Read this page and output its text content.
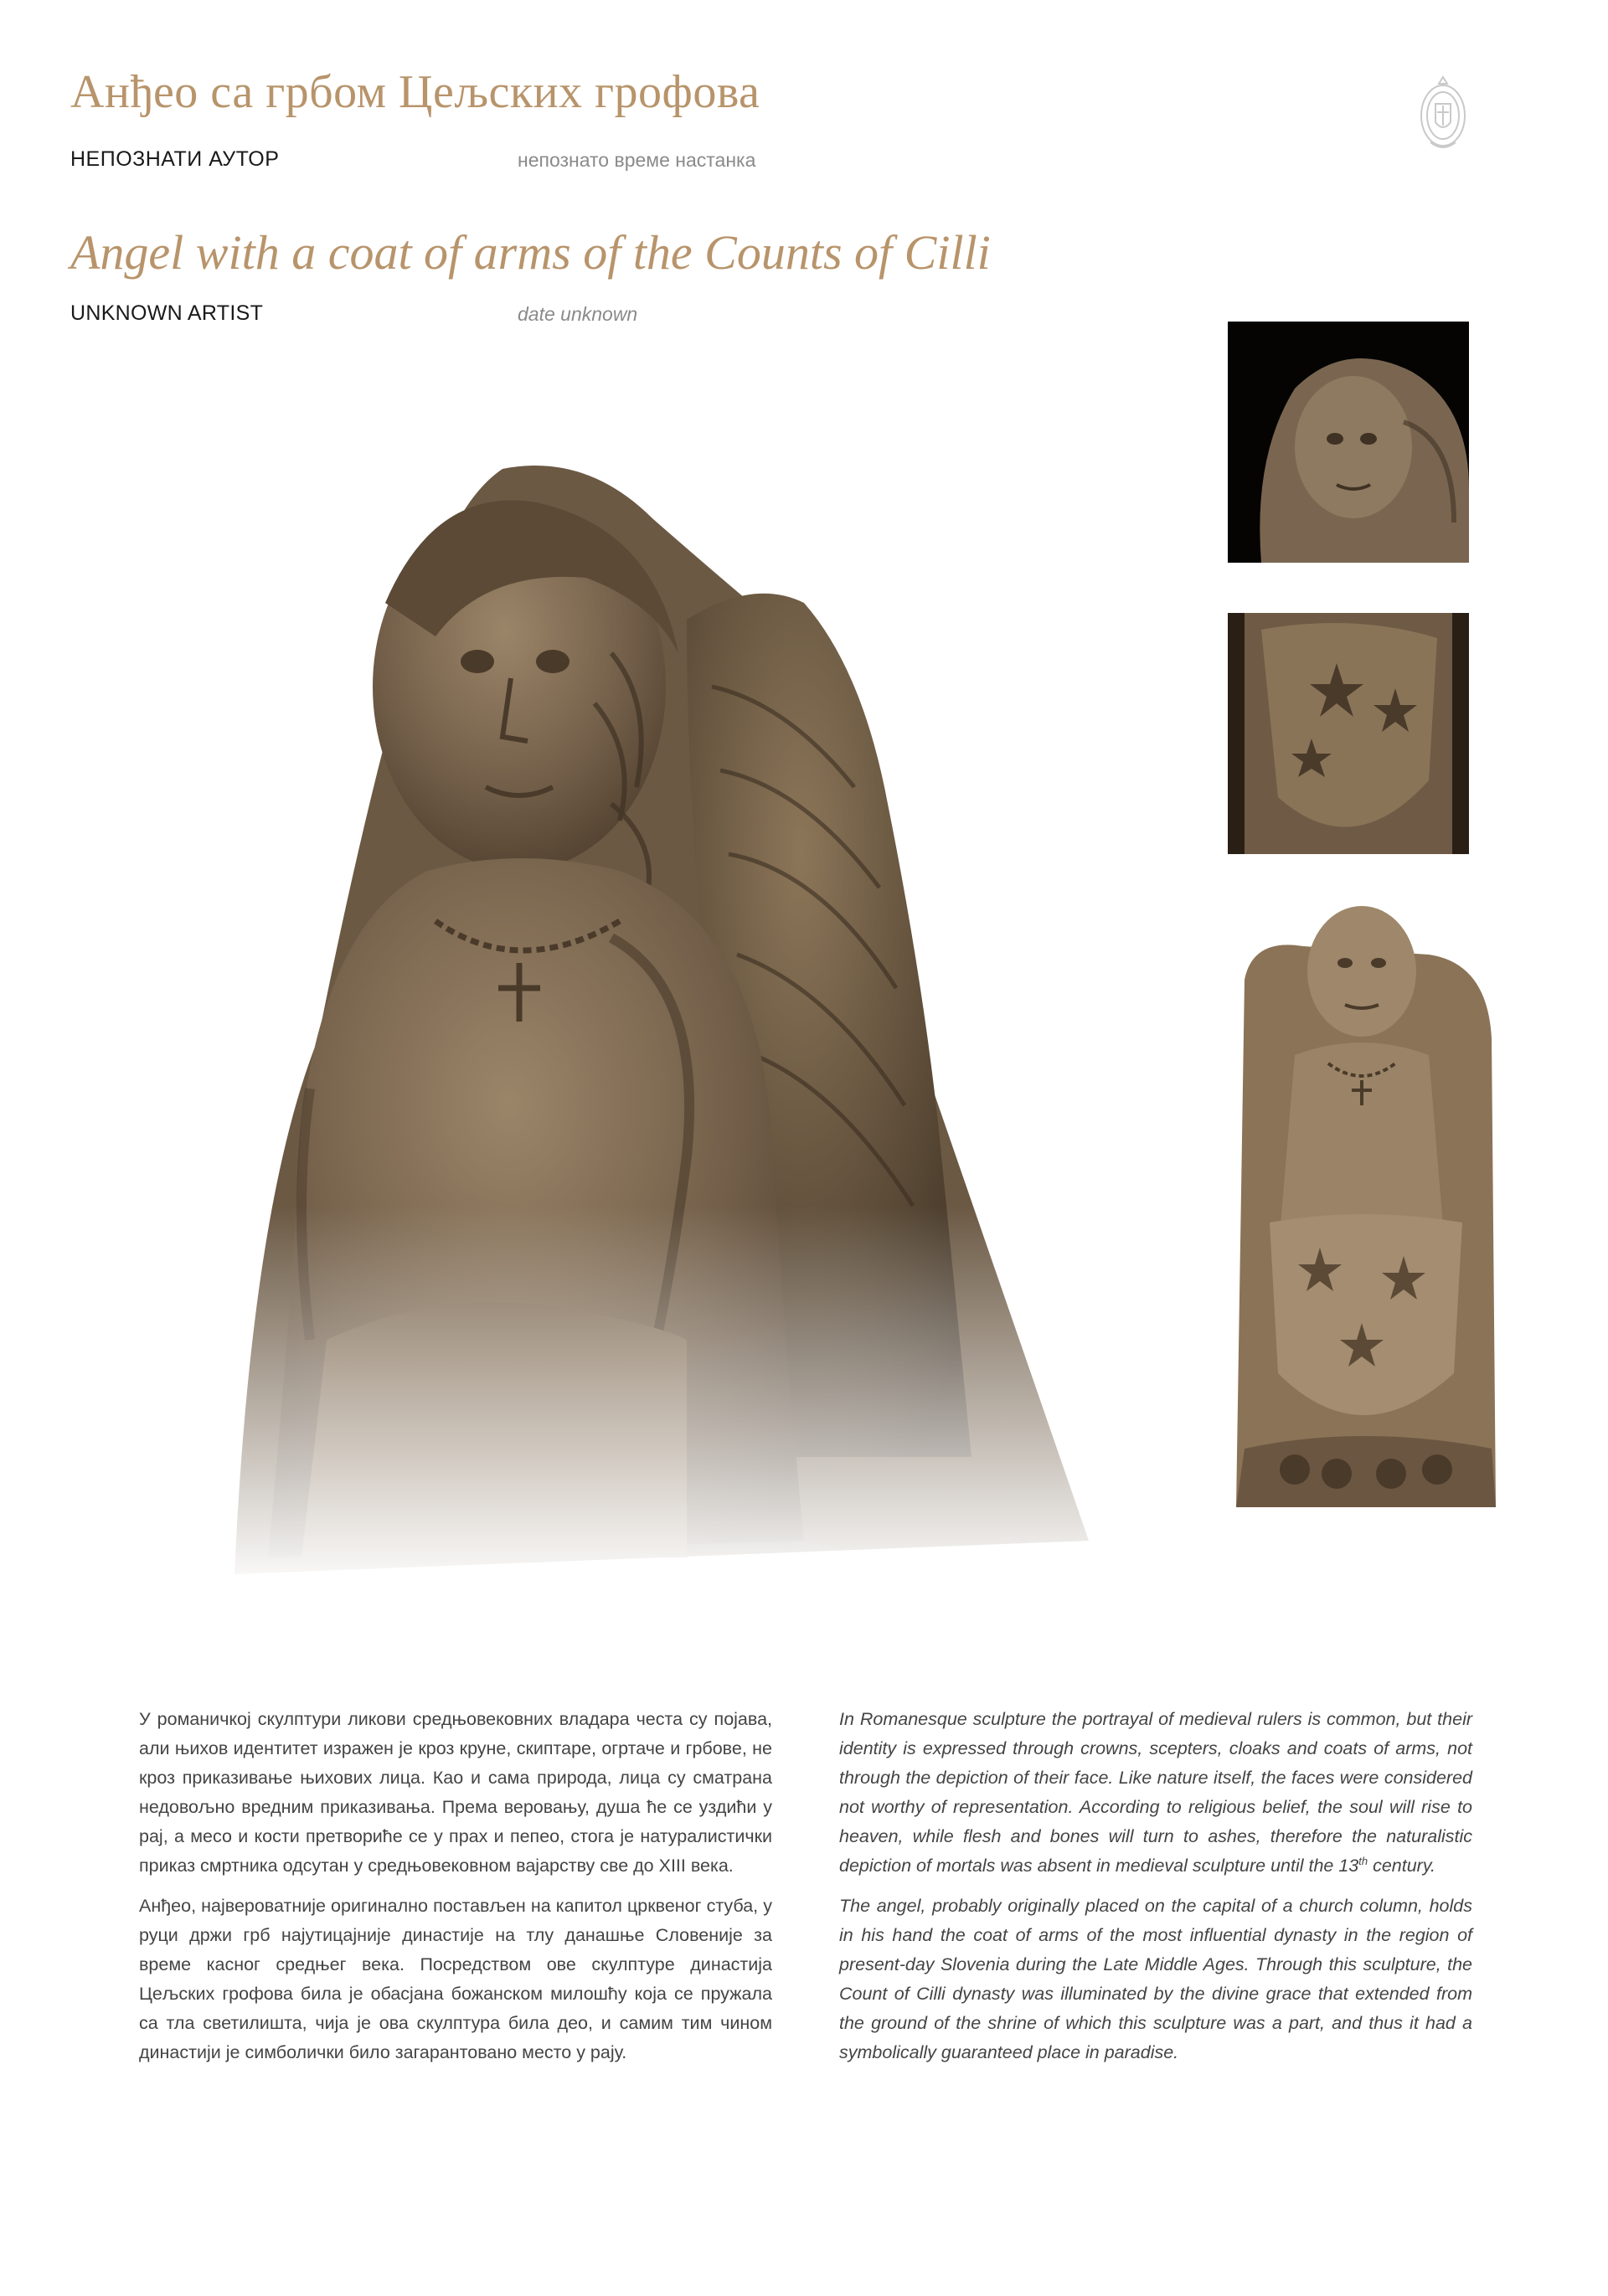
Анђео са грбом Цељских грофова
НЕПОЗНАТИ АУТОР	непознато време настанка
Angel with a coat of arms of the Counts of Cilli
UNKNOWN ARTIST	date unknown

У романичкој скулптури ликови средњовековних владара честа су појава, али њихов идентитет изражен је кроз круне, скиптаре, огртаче и грбове, не кроз приказивање њихових лица. Као и сама природа, лица су сматрана недовољно вредним приказивања. Према веровању, душа ће се уздићи у рај, а месо и кости претвориће се у прах и пепео, стога је натуралистички приказ смртника одсутан у средњовековном вајарству све до XIII века.

Анђео, највероватније оригинално постављен на капитол црквеног стуба, у руци држи грб најутицајније династије на тлу данашње Словеније за време касног средњег века. Посредством ове скулптуре династија Цељских грофова била је обасјана божанском милошћу која се пружала са тла светилишта, чија је ова скулптура била део, и самим тим чином династији је симболички било загарантовано место у рају.

In Romanesque sculpture the portrayal of medieval rulers is common, but their identity is expressed through crowns, scepters, cloaks and coats of arms, not through the depiction of their face. Like nature itself, the faces were considered not worthy of representation. According to religious belief, the soul will rise to heaven, while flesh and bones will turn to ashes, therefore the naturalistic depiction of mortals was absent in medieval sculpture until the 13th century.

The angel, probably originally placed on the capital of a church column, holds in his hand the coat of arms of the most influential dynasty in the region of present-day Slovenia during the Late Middle Ages. Through this sculpture, the Count of Cilli dynasty was illuminated by the divine grace that extended from the ground of the shrine of which this sculpture was a part, and thus it had a symbolically guaranteed place in paradise.
